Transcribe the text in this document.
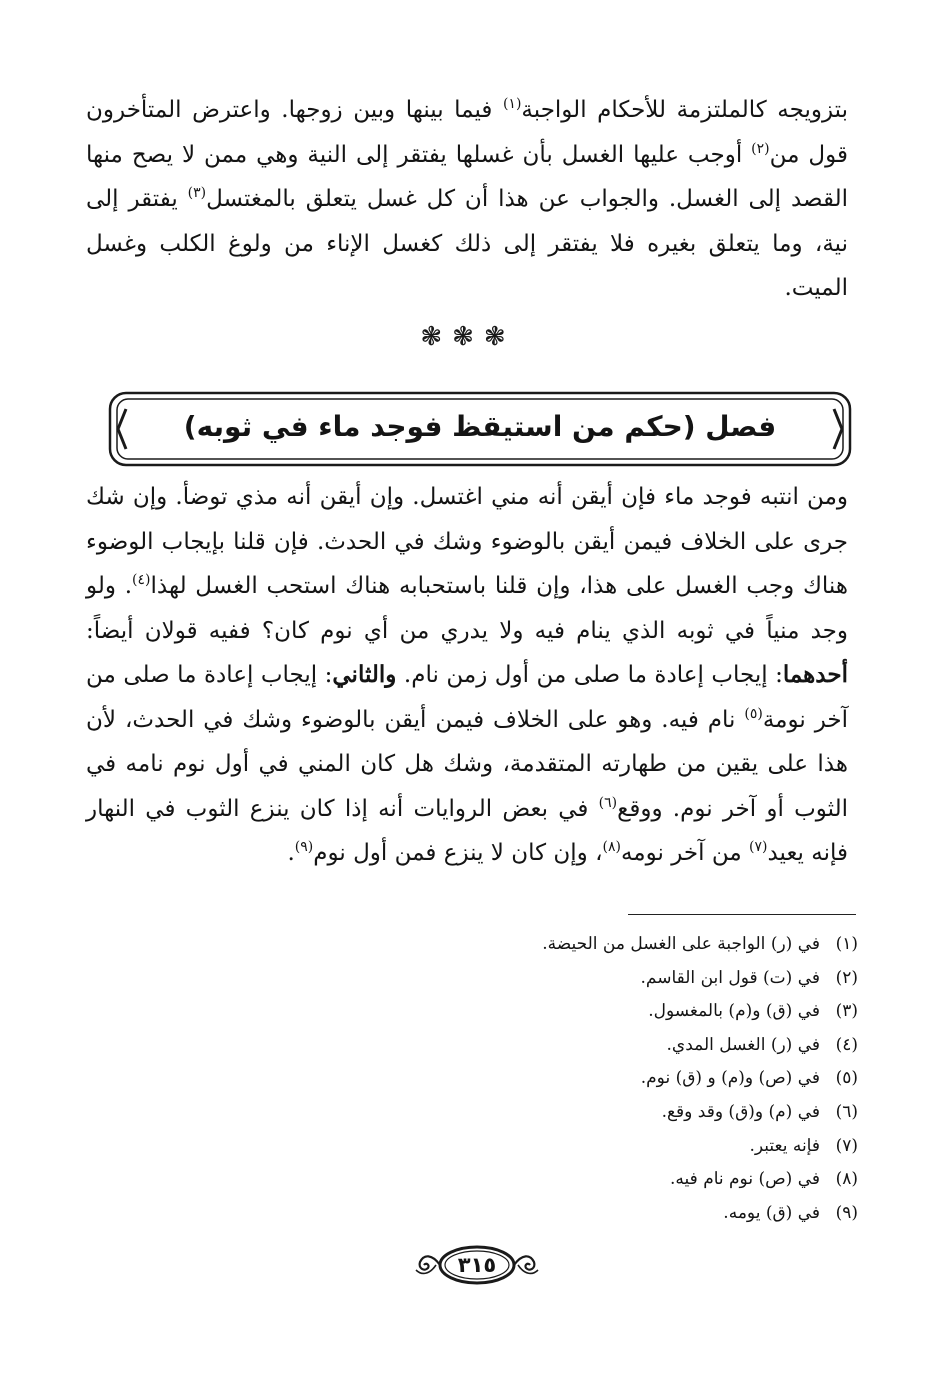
بتزويجه كالملتزمة للأحكام الواجبة$^{(١)}$ فيما بينها وبين زوجها. واعترض المتأخرون قول من$^{(٢)}$ أوجب عليها الغسل بأن غسلها يفتقر إلى النية وهي ممن لا يصح منها القصد إلى الغسل. والجواب عن هذا أن كل غسل يتعلق بالمغتسل$^{(٣)}$ يفتقر إلى نية، وما يتعلق بغيره فلا يفتقر إلى ذلك كغسل الإناء من ولوغ الكلب وغسل الميت.

❃❃❃
فصل (حكم من استيقظ فوجد ماء في ثوبه)

ومن انتبه فوجد ماء فإن أيقن أنه مني اغتسل. وإن أيقن أنه مذي توضأ. وإن شك جرى على الخلاف فيمن أيقن بالوضوء وشك في الحدث. فإن قلنا بإيجاب الوضوء هناك وجب الغسل على هذا، وإن قلنا باستحبابه هناك استحب الغسل لهذا$^{(٤)}$. ولو وجد منياً في ثوبه الذي ينام فيه ولا يدري من أي نوم كان؟ ففيه قولان أيضاً: أحدهما: إيجاب إعادة ما صلى من أول زمن نام. والثاني: إيجاب إعادة ما صلى من آخر نومة$^{(٥)}$ نام فيه. وهو على الخلاف فيمن أيقن بالوضوء وشك في الحدث، لأن هذا على يقين من طهارته المتقدمة، وشك هل كان المني في أول نوم نامه في الثوب أو آخر نوم. ووقع$^{(٦)}$ في بعض الروايات أنه إذا كان ينزع الثوب في النهار فإنه يعيد$^{(٧)}$ من آخر نومه$^{(٨)}$، وإن كان لا ينزع فمن أول نوم$^{(٩)}$.

(١)في (ر) الواجبة على الغسل من الحيضة.
(٢)في (ت) قول ابن القاسم.
(٣)في (ق) و(م) بالمغسول.
(٤)في (ر) الغسل المدي.
(٥)في (ص) و(م) و (ق) نوم.
(٦)في (م) و(ق) وقد وقع.
(٧)فإنه يعتبر.
(٨)في (ص) نوم نام فيه.
(٩)في (ق) يومه.
٣١٥
